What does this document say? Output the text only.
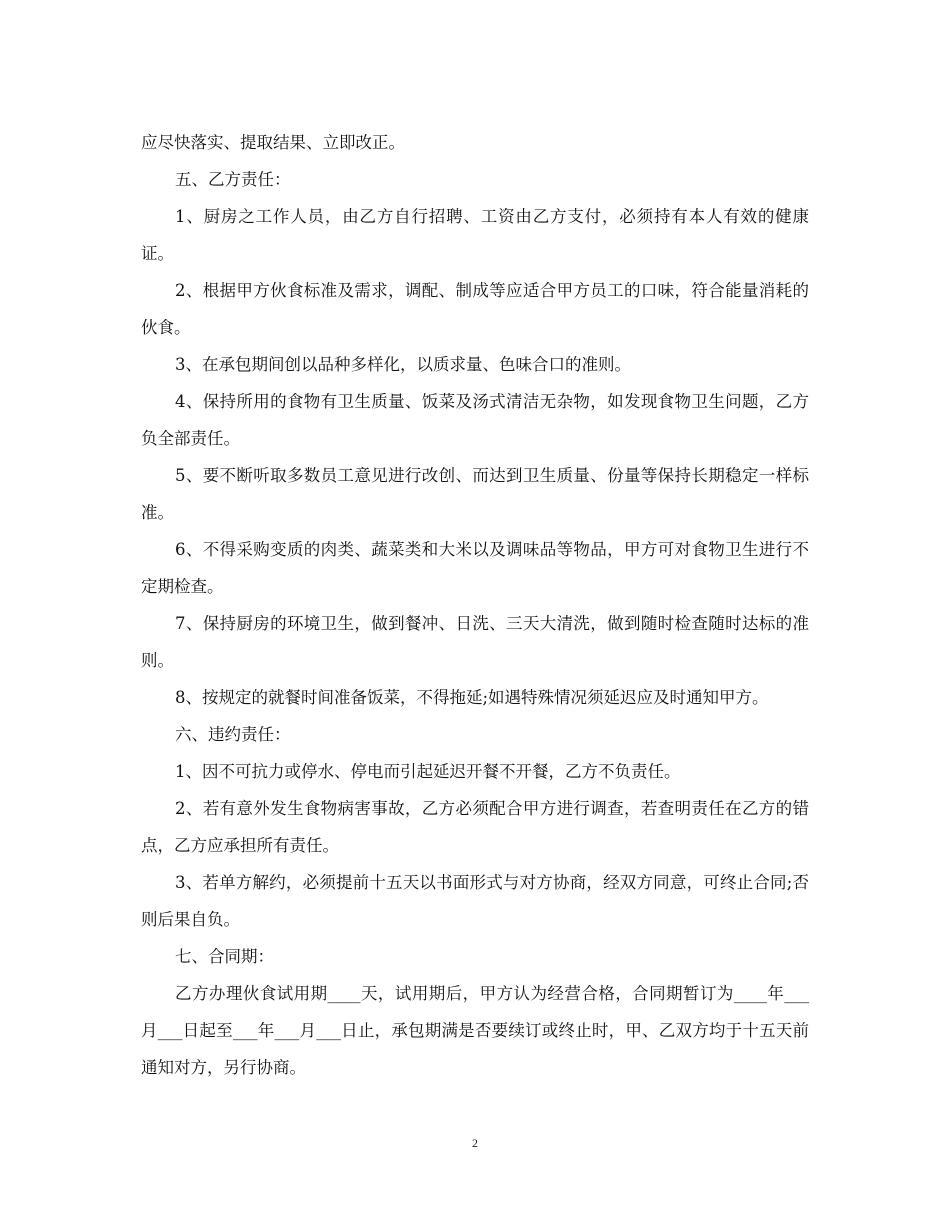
应尽快落实、提取结果、立即改正。

五、乙方责任：

1、厨房之工作人员，由乙方自行招聘、工资由乙方支付，必须持有本人有效的健康证。

2、根据甲方伙食标准及需求，调配、制成等应适合甲方员工的口味，符合能量消耗的伙食。

3、在承包期间创以品种多样化，以质求量、色味合口的准则。

4、保持所用的食物有卫生质量、饭菜及汤式清洁无杂物，如发现食物卫生问题，乙方负全部责任。

5、要不断听取多数员工意见进行改创、而达到卫生质量、份量等保持长期稳定一样标准。

6、不得采购变质的肉类、蔬菜类和大米以及调味品等物品，甲方可对食物卫生进行不定期检查。

7、保持厨房的环境卫生，做到餐冲、日洗、三天大清洗，做到随时检查随时达标的准则。

8、按规定的就餐时间准备饭菜，不得拖延;如遇特殊情况须延迟应及时通知甲方。

六、违约责任：

1、因不可抗力或停水、停电而引起延迟开餐不开餐，乙方不负责任。

2、若有意外发生食物病害事故，乙方必须配合甲方进行调查，若查明责任在乙方的错点，乙方应承担所有责任。

3、若单方解约，必须提前十五天以书面形式与对方协商，经双方同意，可终止合同;否则后果自负。

七、合同期：

乙方办理伙食试用期____天，试用期后，甲方认为经营合格，合同期暂订为____年___月___日起至___年___月___日止，承包期满是否要续订或终止时，甲、乙双方均于十五天前通知对方，另行协商。

2
